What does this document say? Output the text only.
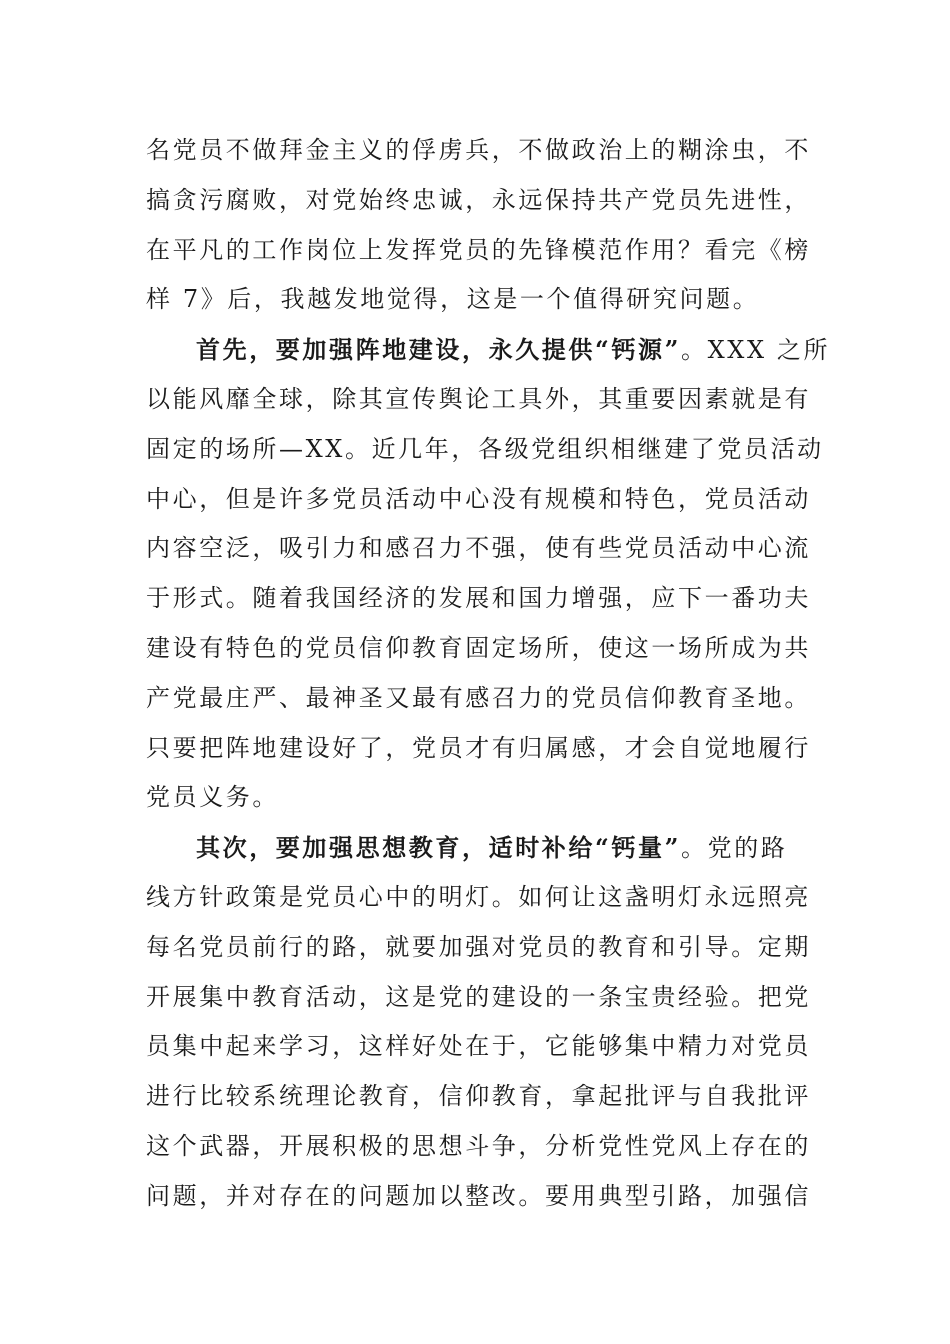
名党员不做拜金主义的俘虏兵，不做政治上的糊涂虫，不
搞贪污腐败，对党始终忠诚，永远保持共产党员先进性，
在平凡的工作岗位上发挥党员的先锋模范作用？看完《榜
样 7》后，我越发地觉得，这是一个值得研究问题。
首先，要加强阵地建设，永久提供“钙源”。XXX 之所
以能风靡全球，除其宣传舆论工具外，其重要因素就是有
固定的场所—XX。近几年，各级党组织相继建了党员活动
中心，但是许多党员活动中心没有规模和特色，党员活动
内容空泛，吸引力和感召力不强，使有些党员活动中心流
于形式。随着我国经济的发展和国力增强，应下一番功夫
建设有特色的党员信仰教育固定场所，使这一场所成为共
产党最庄严、最神圣又最有感召力的党员信仰教育圣地。
只要把阵地建设好了，党员才有归属感，才会自觉地履行
党员义务。
其次，要加强思想教育，适时补给“钙量”。党的路
线方针政策是党员心中的明灯。如何让这盏明灯永远照亮
每名党员前行的路，就要加强对党员的教育和引导。定期
开展集中教育活动，这是党的建设的一条宝贵经验。把党
员集中起来学习，这样好处在于，它能够集中精力对党员
进行比较系统理论教育，信仰教育，拿起批评与自我批评
这个武器，开展积极的思想斗争，分析党性党风上存在的
问题，并对存在的问题加以整改。要用典型引路，加强信
